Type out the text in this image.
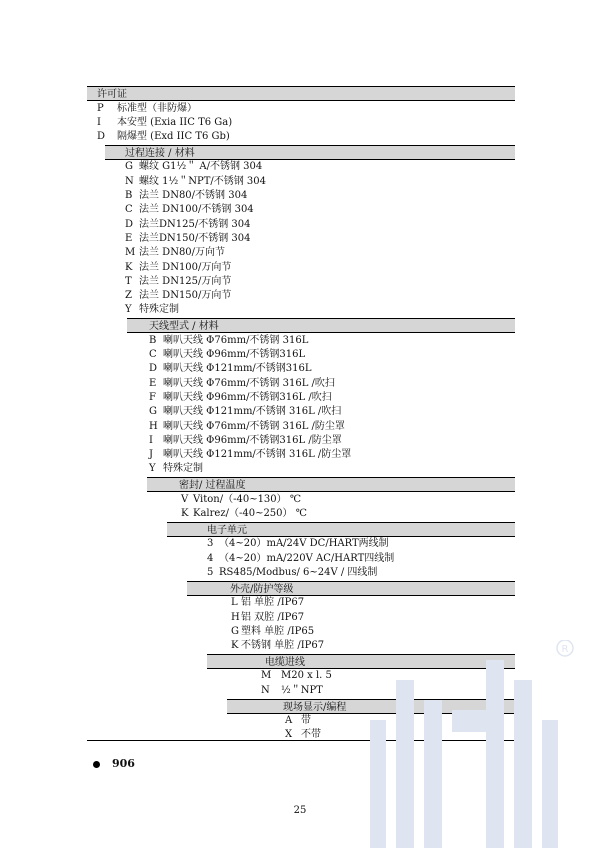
许可证
P 标准型（非防爆）
I 本安型 (Exia IIC T6 Ga)
D 隔爆型 (Exd IIC T6 Gb)
过程连接 / 材料
G 螺纹 G1½＂ A/不锈钢 304
N 螺纹 1½＂NPT/不锈钢 304
B 法兰 DN80/不锈钢 304
C 法兰 DN100/不锈钢 304
D 法兰DN125/不锈钢 304
E 法兰DN150/不锈钢 304
M 法兰 DN80/万向节
K 法兰 DN100/万向节
T 法兰 DN125/万向节
Z 法兰 DN150/万向节
Y 特殊定制
天线型式 / 材料
B 喇叭天线 Φ76mm/不锈钢 316L
C 喇叭天线 Φ96mm/不锈钢316L
D 喇叭天线 Φ121mm/不锈钢316L
E 喇叭天线 Φ76mm/不锈钢 316L /吹扫
F 喇叭天线 Φ96mm/不锈钢316L /吹扫
G 喇叭天线 Φ121mm/不锈钢 316L /吹扫
H 喇叭天线 Φ76mm/不锈钢 316L /防尘罩
I 喇叭天线 Φ96mm/不锈钢316L /防尘罩
J 喇叭天线 Φ121mm/不锈钢 316L /防尘罩
Y 特殊定制
密封/ 过程温度
V Viton/（-40~130） ℃
K Kalrez/（-40~250） ℃
电子单元
3 （4~20）mA/24V DC/HART两线制
4 （4~20）mA/220V AC/HART四线制
5 RS485/Modbus/ 6~24V / 四线制
外壳/防护等级
L 铝 单腔 /IP67
H 铝 双腔 /IP67
G 塑料 单腔 /IP65
K 不锈钢 单腔 /IP67
电缆进线
M M20 x l. 5
N ½＂NPT
现场显示/编程
A 带
X 不带
906
25
R
